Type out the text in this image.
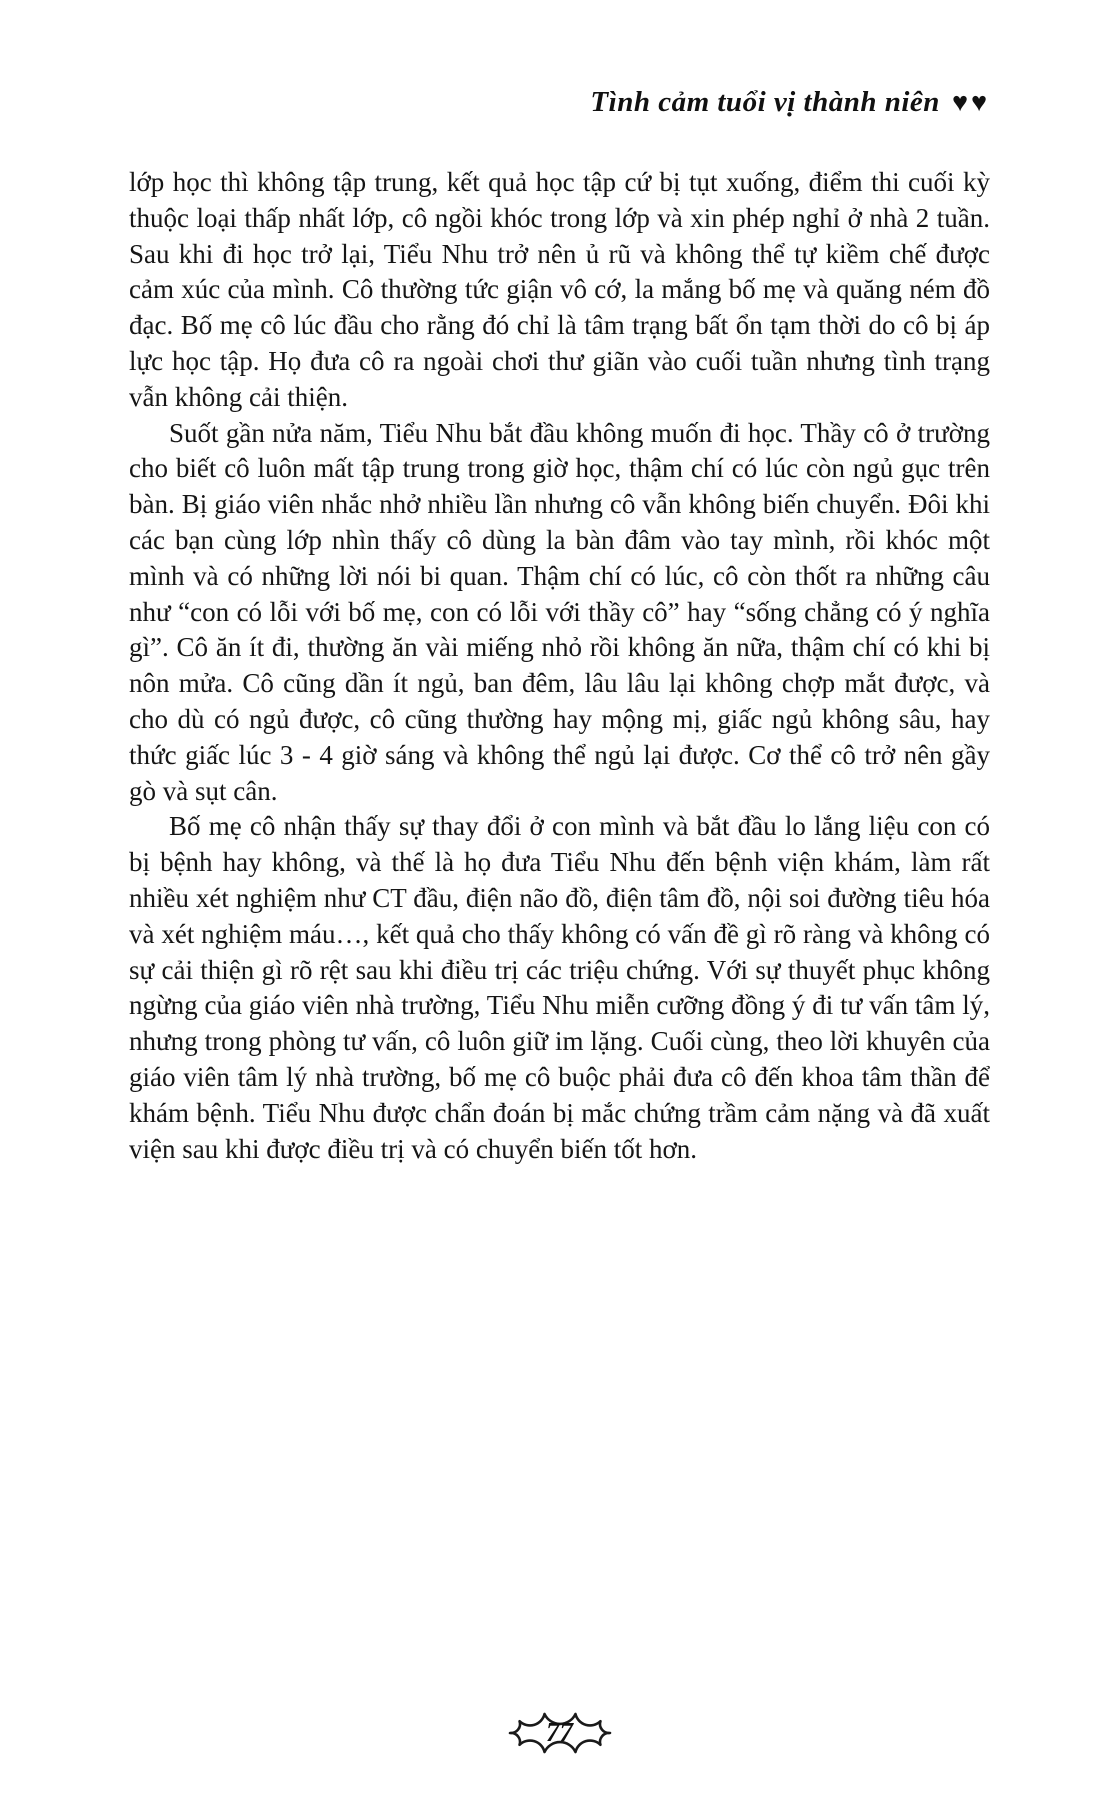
Tình cảm tuổi vị thành niên ♥♥

lớp học thì không tập trung, kết quả học tập cứ bị tụt xuống, điểm thi cuối kỳ thuộc loại thấp nhất lớp, cô ngồi khóc trong lớp và xin phép nghỉ ở nhà 2 tuần. Sau khi đi học trở lại, Tiểu Nhu trở nên ủ rũ và không thể tự kiềm chế được cảm xúc của mình. Cô thường tức giận vô cớ, la mắng bố mẹ và quăng ném đồ đạc. Bố mẹ cô lúc đầu cho rằng đó chỉ là tâm trạng bất ổn tạm thời do cô bị áp lực học tập. Họ đưa cô ra ngoài chơi thư giãn vào cuối tuần nhưng tình trạng vẫn không cải thiện.

Suốt gần nửa năm, Tiểu Nhu bắt đầu không muốn đi học. Thầy cô ở trường cho biết cô luôn mất tập trung trong giờ học, thậm chí có lúc còn ngủ gục trên bàn. Bị giáo viên nhắc nhở nhiều lần nhưng cô vẫn không biến chuyển. Đôi khi các bạn cùng lớp nhìn thấy cô dùng la bàn đâm vào tay mình, rồi khóc một mình và có những lời nói bi quan. Thậm chí có lúc, cô còn thốt ra những câu như “con có lỗi với bố mẹ, con có lỗi với thầy cô” hay “sống chẳng có ý nghĩa gì”. Cô ăn ít đi, thường ăn vài miếng nhỏ rồi không ăn nữa, thậm chí có khi bị nôn mửa. Cô cũng dần ít ngủ, ban đêm, lâu lâu lại không chợp mắt được, và cho dù có ngủ được, cô cũng thường hay mộng mị, giấc ngủ không sâu, hay thức giấc lúc 3 - 4 giờ sáng và không thể ngủ lại được. Cơ thể cô trở nên gầy gò và sụt cân.

Bố mẹ cô nhận thấy sự thay đổi ở con mình và bắt đầu lo lắng liệu con có bị bệnh hay không, và thế là họ đưa Tiểu Nhu đến bệnh viện khám, làm rất nhiều xét nghiệm như CT đầu, điện não đồ, điện tâm đồ, nội soi đường tiêu hóa và xét nghiệm máu…, kết quả cho thấy không có vấn đề gì rõ ràng và không có sự cải thiện gì rõ rệt sau khi điều trị các triệu chứng. Với sự thuyết phục không ngừng của giáo viên nhà trường, Tiểu Nhu miễn cưỡng đồng ý đi tư vấn tâm lý, nhưng trong phòng tư vấn, cô luôn giữ im lặng. Cuối cùng, theo lời khuyên của giáo viên tâm lý nhà trường, bố mẹ cô buộc phải đưa cô đến khoa tâm thần để khám bệnh. Tiểu Nhu được chẩn đoán bị mắc chứng trầm cảm nặng và đã xuất viện sau khi được điều trị và có chuyển biến tốt hơn.

77
